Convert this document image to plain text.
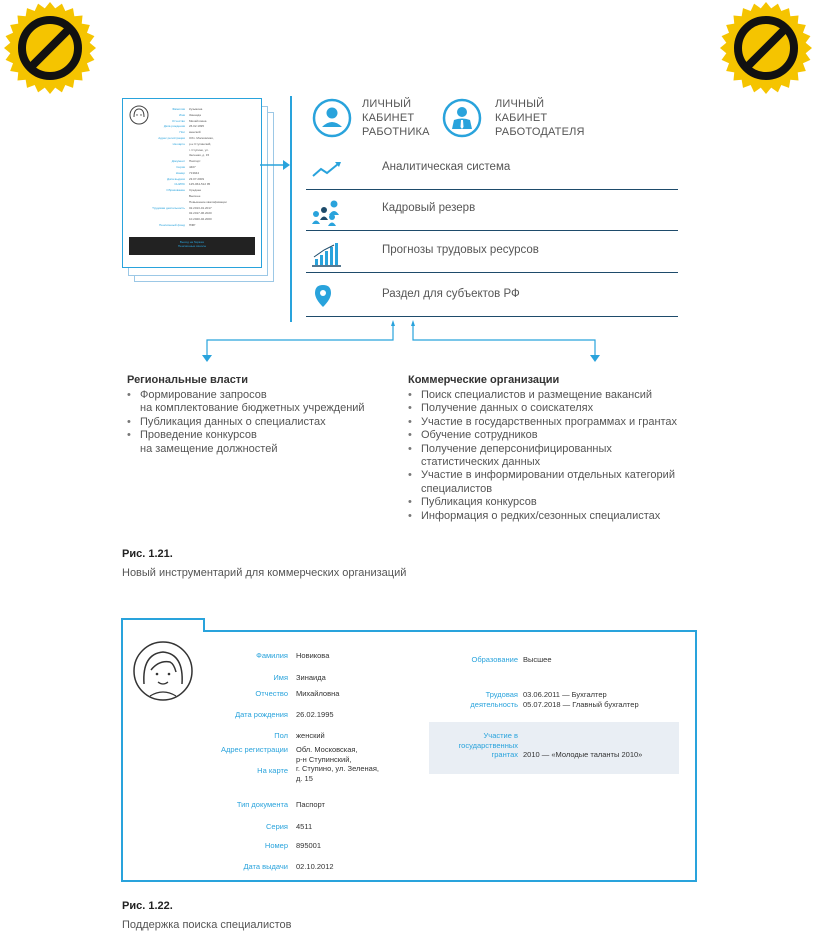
Фамилия Кузьмина
Имя Зинаида
Отчество Михайловна
Дата рождения 26.02.1995
Пол женский
Адрес регистрации Обл. Московская,
На карте р-н Ступинский,
г. Ступино, ул.
Зеленая, д. 15
Документ Паспорт
Серия 4407
Номер 713944
Дата выдачи 23.07.2009
СНИЛС 125-064-512 95
Образование Среднее
Высшее
Повышение квалификации
Трудовая деятельность 02.2013-01.2017
02.2017-06.2020
10.2020-02.2000
Пенсионный фонд ПФР
Выход на биржах
Пенсионные взносы
ЛИЧНЫЙ
КАБИНЕТ
РАБОТНИКА
ЛИЧНЫЙ
КАБИНЕТ
РАБОТОДАТЕЛЯ
Аналитическая система
Кадровый резерв
Прогнозы трудовых ресурсов
Раздел для субъектов РФ
Региональные власти
• Формирование запросов
на комплектование бюджетных учреждений
• Публикация данных о специалистах
• Проведение конкурсов
на замещение должностей
Коммерческие организации
• Поиск специалистов и размещение вакансий
• Получение данных о соискателях
• Участие в государственных программах и грантах
• Обучение сотрудников
• Получение деперсонифицированных
статистических данных
• Участие в информировании отдельных категорий
специалистов
• Публикация конкурсов
• Информация о редких/сезонных специалистах
Рис. 1.21.
Новый инструментарий для коммерческих организаций
Фамилия Новикова
Имя Зинаида
Отчество Михайловна
Дата рождения 26.02.1995
Пол женский
Адрес регистрации Обл. Московская,
р-н Ступинский,
г. Ступино, ул. Зеленая,
д. 15
На карте
Тип документа Паспорт
Серия 4511
Номер 895001
Дата выдачи 02.10.2012
Образование Высшее
Трудовая
деятельность
03.06.2011 — Бухгалтер
05.07.2018 — Главный бухгалтер
Участие в
государственных
грантах 2010 — «Молодые таланты 2010»
Рис. 1.22.
Поддержка поиска специалистов
